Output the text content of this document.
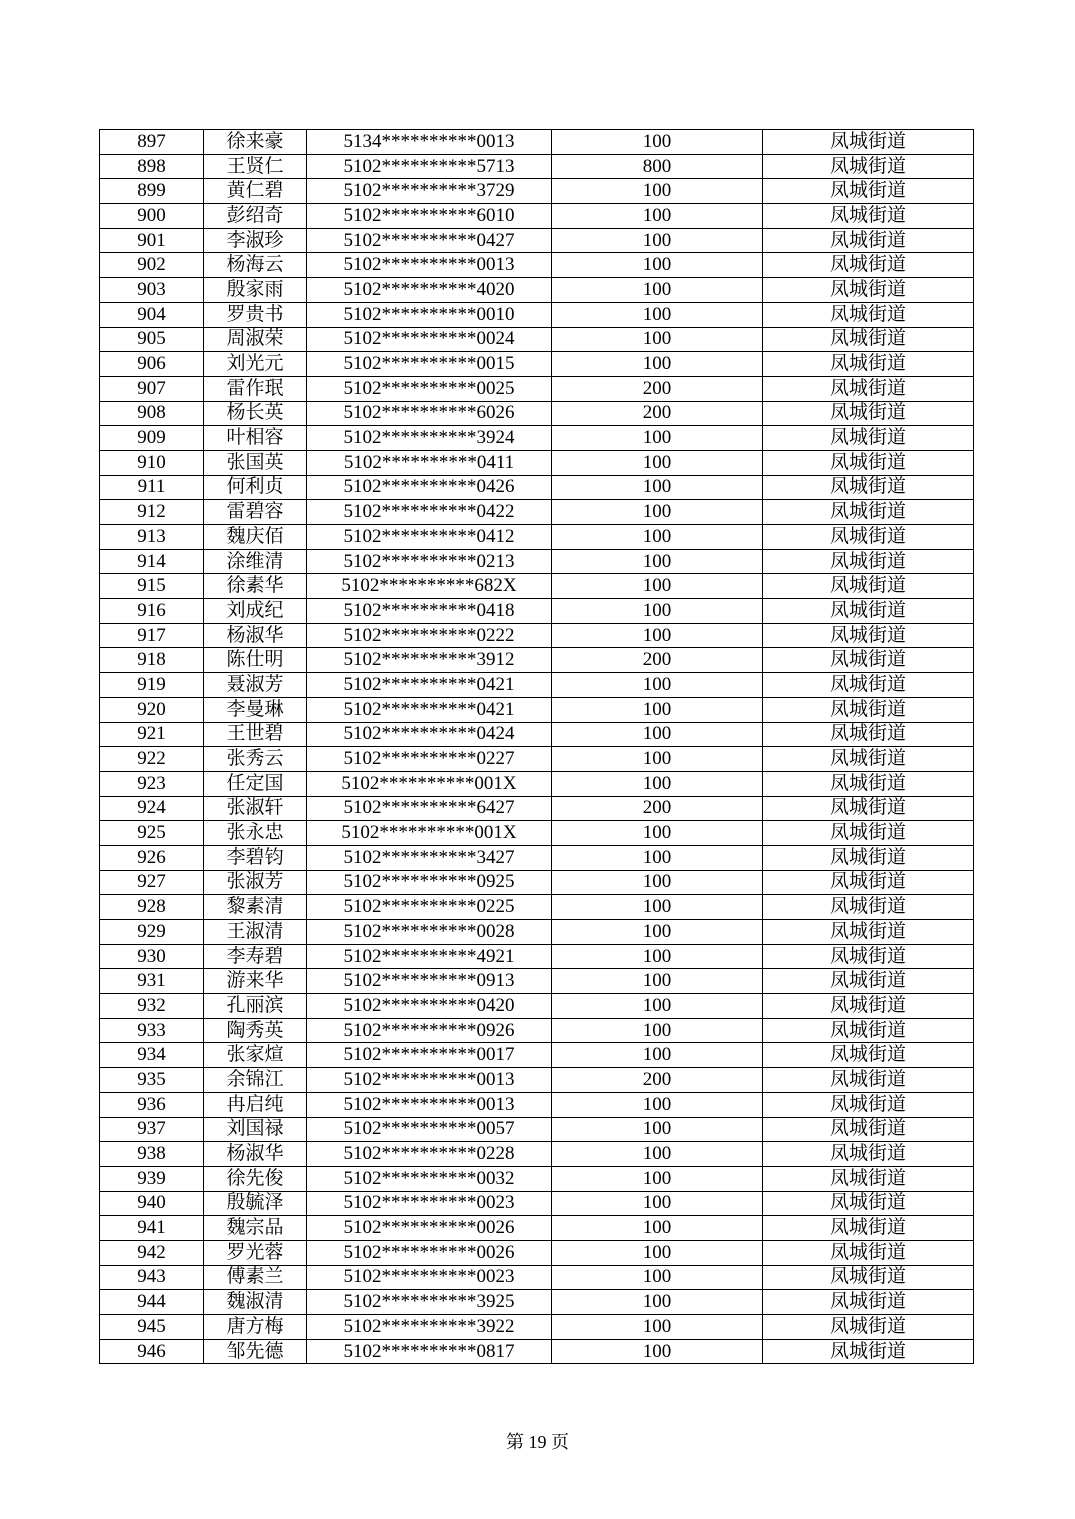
897	徐来豪	5134**********0013	100	凤城街道
898	王贤仁	5102**********5713	800	凤城街道
899	黄仁碧	5102**********3729	100	凤城街道
900	彭绍奇	5102**********6010	100	凤城街道
901	李淑珍	5102**********0427	100	凤城街道
902	杨海云	5102**********0013	100	凤城街道
903	殷家雨	5102**********4020	100	凤城街道
904	罗贵书	5102**********0010	100	凤城街道
905	周淑荣	5102**********0024	100	凤城街道
906	刘光元	5102**********0015	100	凤城街道
907	雷作珉	5102**********0025	200	凤城街道
908	杨长英	5102**********6026	200	凤城街道
909	叶相容	5102**********3924	100	凤城街道
910	张国英	5102**********0411	100	凤城街道
911	何利贞	5102**********0426	100	凤城街道
912	雷碧容	5102**********0422	100	凤城街道
913	魏庆佰	5102**********0412	100	凤城街道
914	涂维清	5102**********0213	100	凤城街道
915	徐素华	5102**********682X	100	凤城街道
916	刘成纪	5102**********0418	100	凤城街道
917	杨淑华	5102**********0222	100	凤城街道
918	陈仕明	5102**********3912	200	凤城街道
919	聂淑芳	5102**********0421	100	凤城街道
920	李曼琳	5102**********0421	100	凤城街道
921	王世碧	5102**********0424	100	凤城街道
922	张秀云	5102**********0227	100	凤城街道
923	任定国	5102**********001X	100	凤城街道
924	张淑轩	5102**********6427	200	凤城街道
925	张永忠	5102**********001X	100	凤城街道
926	李碧钧	5102**********3427	100	凤城街道
927	张淑芳	5102**********0925	100	凤城街道
928	黎素清	5102**********0225	100	凤城街道
929	王淑清	5102**********0028	100	凤城街道
930	李寿碧	5102**********4921	100	凤城街道
931	游来华	5102**********0913	100	凤城街道
932	孔丽滨	5102**********0420	100	凤城街道
933	陶秀英	5102**********0926	100	凤城街道
934	张家煊	5102**********0017	100	凤城街道
935	余锦江	5102**********0013	200	凤城街道
936	冉启纯	5102**********0013	100	凤城街道
937	刘国禄	5102**********0057	100	凤城街道
938	杨淑华	5102**********0228	100	凤城街道
939	徐先俊	5102**********0032	100	凤城街道
940	殷毓泽	5102**********0023	100	凤城街道
941	魏宗品	5102**********0026	100	凤城街道
942	罗光蓉	5102**********0026	100	凤城街道
943	傅素兰	5102**********0023	100	凤城街道
944	魏淑清	5102**********3925	100	凤城街道
945	唐方梅	5102**********3922	100	凤城街道
946	邹先德	5102**********0817	100	凤城街道
第 19 页
